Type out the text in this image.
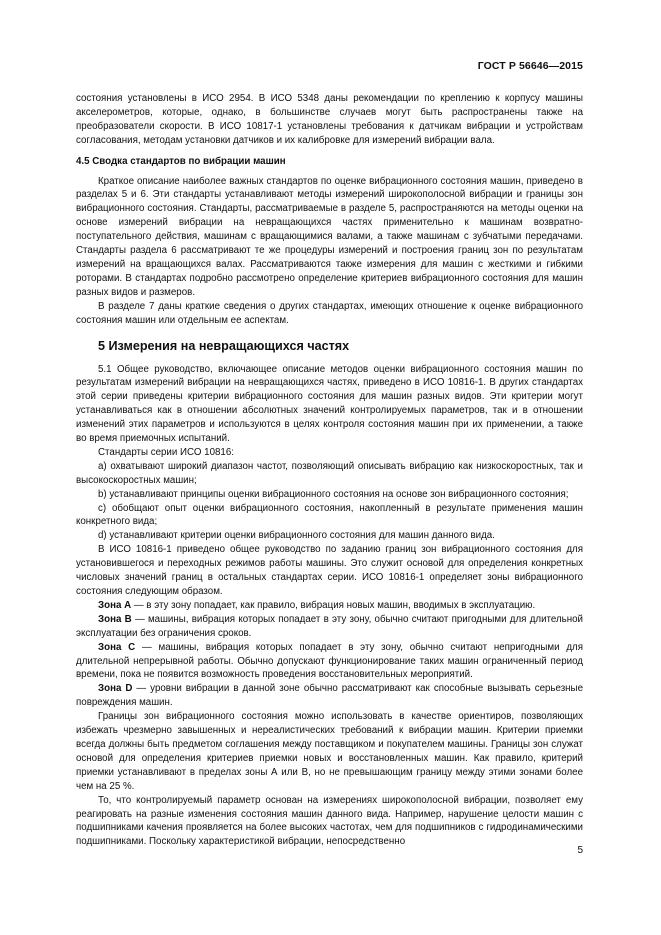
ГОСТ Р 56646—2015

состояния установлены в ИСО 2954. В ИСО 5348 даны рекомендации по креплению к корпусу машины акселерометров, которые, однако, в большинстве случаев могут быть распространены также на преобразователи скорости. В ИСО 10817-1 установлены требования к датчикам вибрации и устройствам согласования, методам установки датчиков и их калибровке для измерений вибрации вала.

4.5 Сводка стандартов по вибрации машин

Краткое описание наиболее важных стандартов по оценке вибрационного состояния машин, приведено в разделах 5 и 6. Эти стандарты устанавливают методы измерений широкополосной вибрации и границы зон вибрационного состояния. Стандарты, рассматриваемые в разделе 5, распространяются на методы оценки на основе измерений вибрации на невращающихся частях применительно к машинам возвратно-поступательного действия, машинам с вращающимися валами, а также машинам с зубчатыми передачами. Стандарты раздела 6 рассматривают те же процедуры измерений и построения границ зон по результатам измерений на вращающихся валах. Рассматриваются также измерения для машин с жесткими и гибкими роторами. В стандартах подробно рассмотрено определение критериев вибрационного состояния для машин разных видов и размеров.

В разделе 7 даны краткие сведения о других стандартах, имеющих отношение к оценке вибрационного состояния машин или отдельным ее аспектам.

5 Измерения на невращающихся частях

5.1 Общее руководство, включающее описание методов оценки вибрационного состояния машин по результатам измерений вибрации на невращающихся частях, приведено в ИСО 10816-1. В других стандартах этой серии приведены критерии вибрационного состояния для машин разных видов. Эти критерии могут устанавливаться как в отношении абсолютных значений контролируемых параметров, так и в отношении изменений этих параметров и используются в целях контроля состояния машин при их применении, а также во время приемочных испытаний.

Стандарты серии ИСО 10816:

a) охватывают широкий диапазон частот, позволяющий описывать вибрацию как низкоскоростных, так и высокоскоростных машин;

b) устанавливают принципы оценки вибрационного состояния на основе зон вибрационного состояния;

c) обобщают опыт оценки вибрационного состояния, накопленный в результате применения машин конкретного вида;

d) устанавливают критерии оценки вибрационного состояния для машин данного вида.

В ИСО 10816-1 приведено общее руководство по заданию границ зон вибрационного состояния для установившегося и переходных режимов работы машины. Это служит основой для определения конкретных числовых значений границ в остальных стандартах серии. ИСО 10816-1 определяет зоны вибрационного состояния следующим образом.

Зона А — в эту зону попадает, как правило, вибрация новых машин, вводимых в эксплуатацию.

Зона В — машины, вибрация которых попадает в эту зону, обычно считают пригодными для длительной эксплуатации без ограничения сроков.

Зона С — машины, вибрация которых попадает в эту зону, обычно считают непригодными для длительной непрерывной работы. Обычно допускают функционирование таких машин ограниченный период времени, пока не появится возможность проведения восстановительных мероприятий.

Зона D — уровни вибрации в данной зоне обычно рассматривают как способные вызывать серьезные повреждения машин.

Границы зон вибрационного состояния можно использовать в качестве ориентиров, позволяющих избежать чрезмерно завышенных и нереалистических требований к вибрации машин. Критерии приемки всегда должны быть предметом соглашения между поставщиком и покупателем машины. Границы зон служат основой для определения критериев приемки новых и восстановленных машин. Как правило, критерий приемки устанавливают в пределах зоны А или В, но не превышающим границу между этими зонами более чем на 25 %.

То, что контролируемый параметр основан на измерениях широкополосной вибрации, позволяет ему реагировать на разные изменения состояния машин данного вида. Например, нарушение целости машин с подшипниками качения проявляется на более высоких частотах, чем для подшипников с гидродинамическими подшипниками. Поскольку характеристикой вибрации, непосредственно

5
